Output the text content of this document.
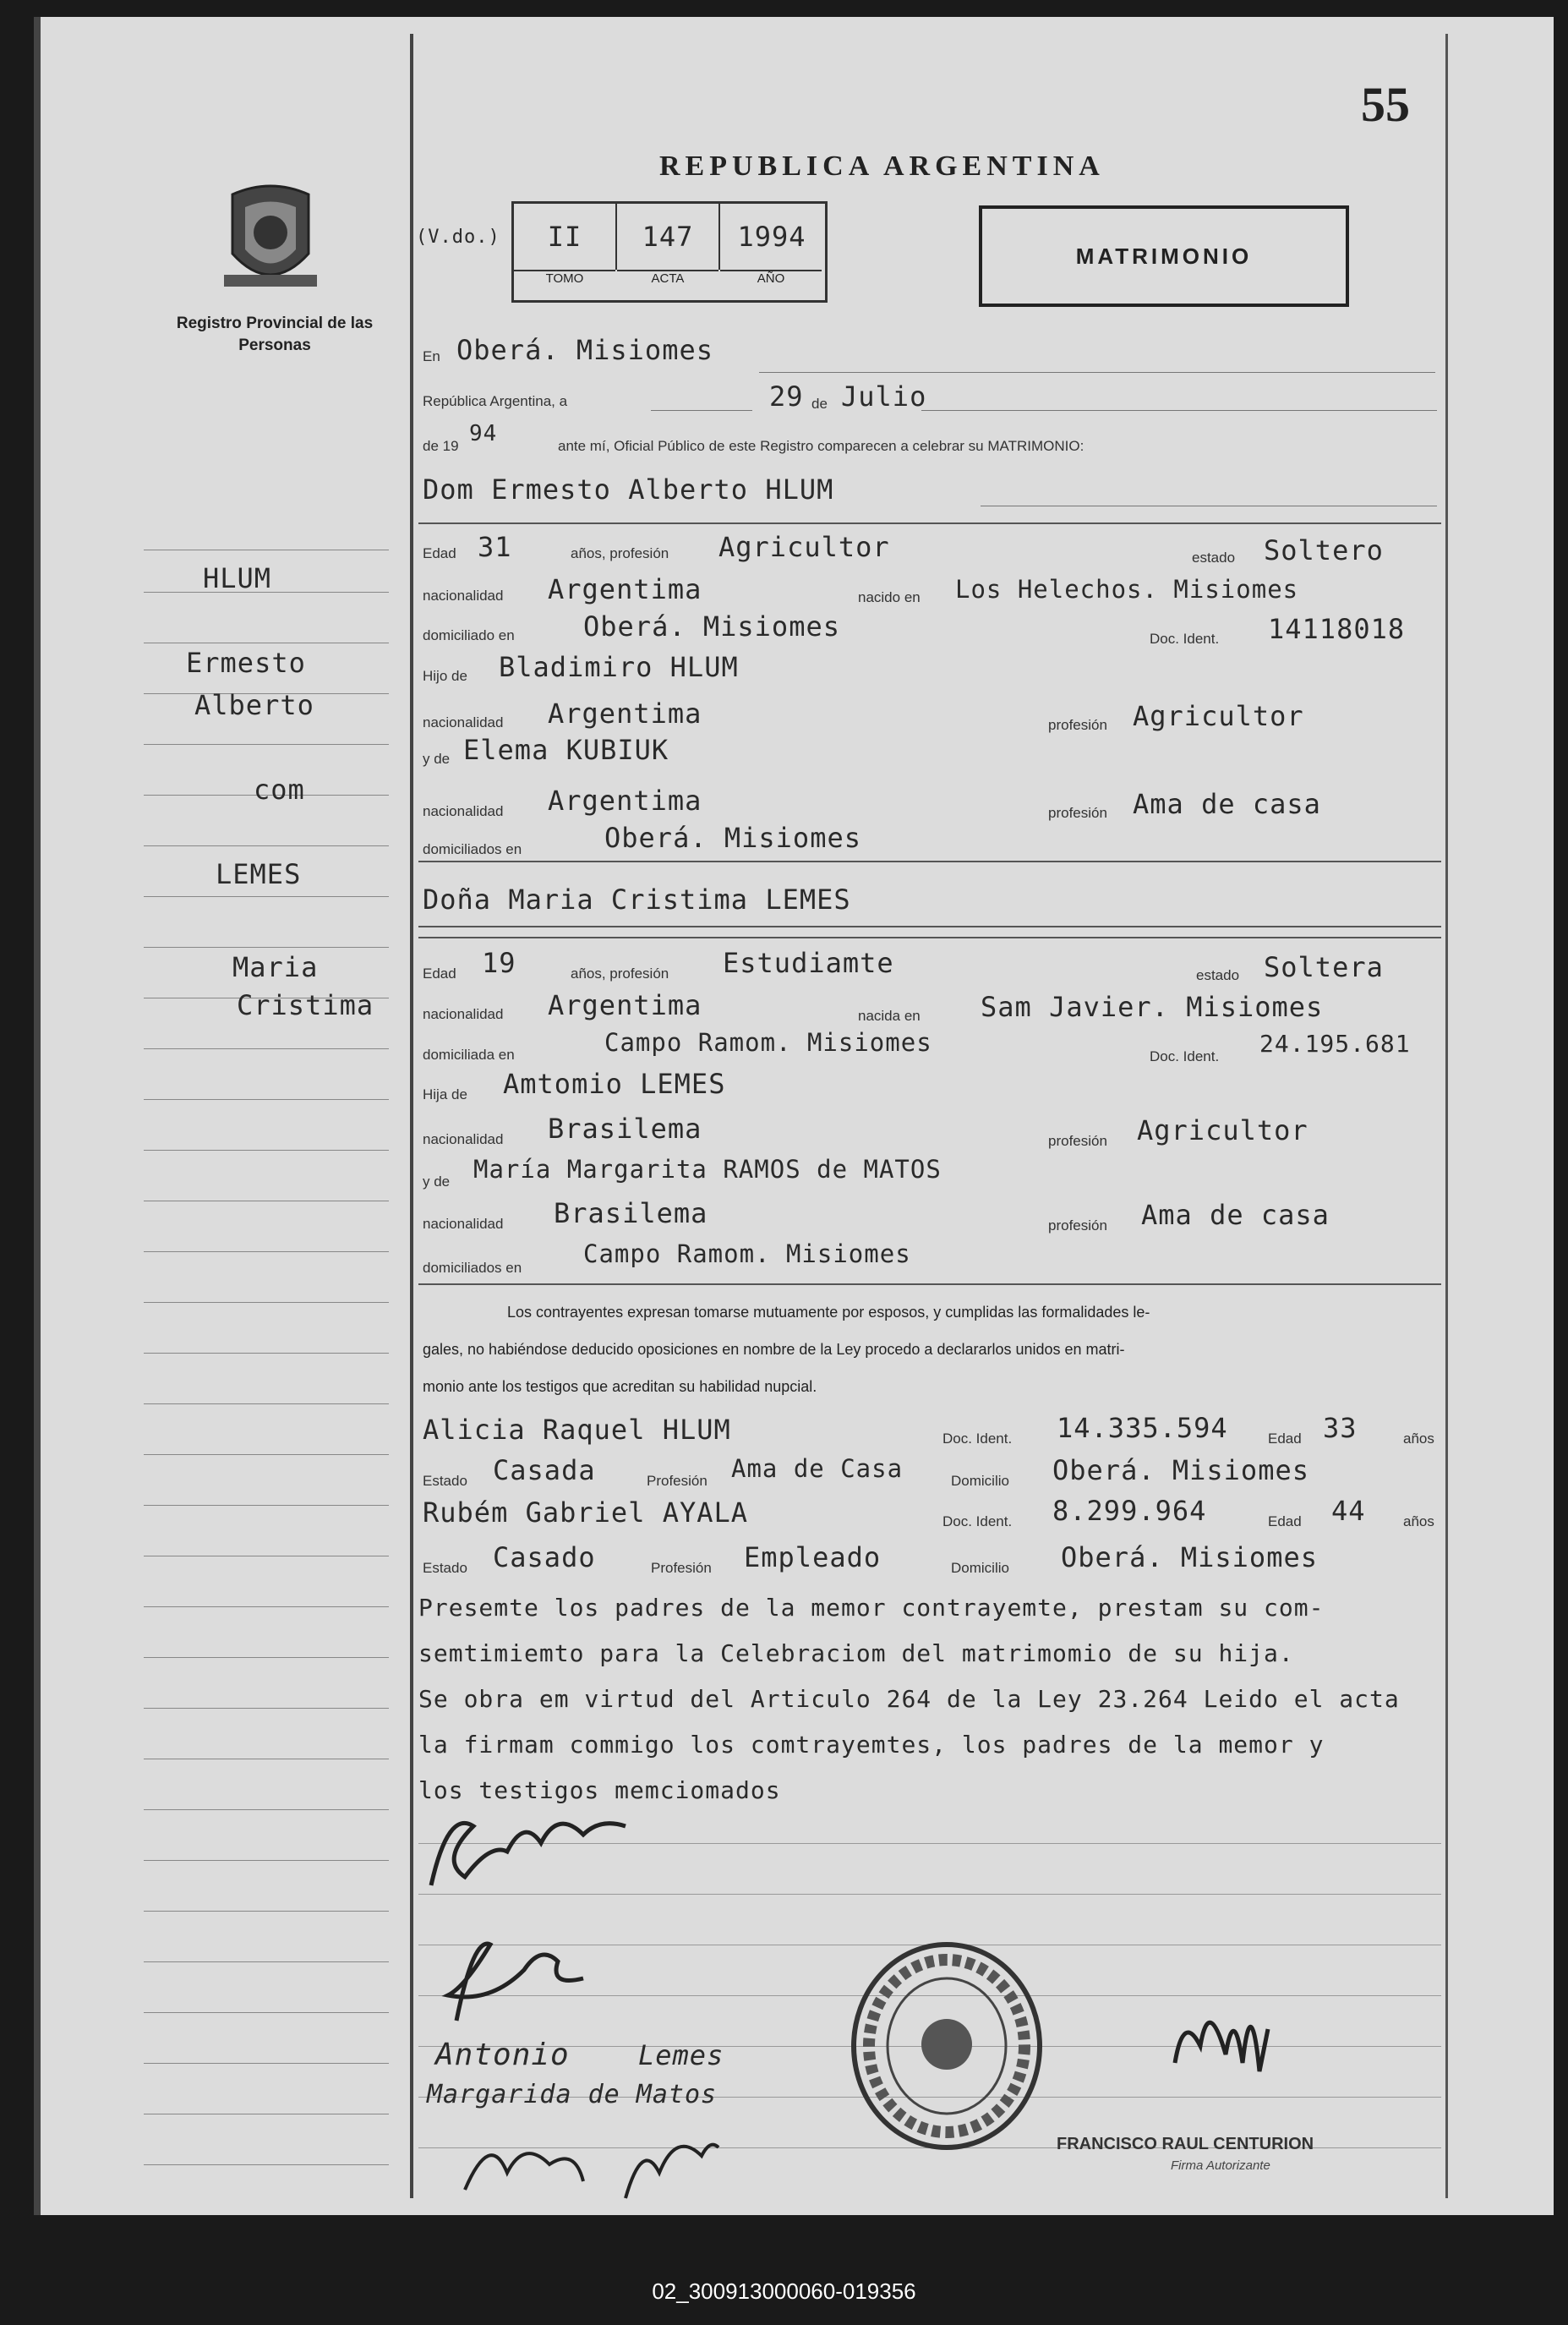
Registro Provincial de las Personas
55
REPUBLICA ARGENTINA
(V.do.)	II	147	1994
TOMO	ACTA	AÑO
MATRIMONIO
HLUM
Ermesto
Alberto
com
LEMES
Maria
Cristima
En Oberá. Misiomes
República Argentina, a	29 de Julio
de 19 94	ante mí, Oficial Público de este Registro comparecen a celebrar su MATRIMONIO:
Dom Ermesto Alberto HLUM
Edad 31	años, profesión Agricultor	estado Soltero
nacionalidad Argentima	nacido en Los Helechos. Misiomes
domiciliado en	Oberá. Misiomes	Doc. Ident. 14118018
Hijo de Bladimiro HLUM
nacionalidad Argentima	profesión Agricultor
y de Elema KUBIUK
nacionalidad Argentima	profesión Ama de casa
domiciliados en	Oberá. Misiomes
Doña Maria Cristima LEMES
Edad 19	años, profesión Estudiamte	estado Soltera
nacionalidad Argentima	nacida en Sam Javier. Misiomes
domiciliada en	Campo Ramom. Misiomes	Doc. Ident. 24.195.681
Hija de Amtomio LEMES
nacionalidad Brasilema	profesión Agricultor
y de María Margarita RAMOS de MATOS
nacionalidad Brasilema	profesión Ama de casa
domiciliados en	Campo Ramom. Misiomes
Los contrayentes expresan tomarse mutuamente por esposos, y cumplidas las formalidades le-
gales, no habiéndose deducido oposiciones en nombre de la Ley procedo a declararlos unidos en matri-
monio ante los testigos que acreditan su habilidad nupcial.
Alicia Raquel HLUM	Doc. Ident. 14.335.594	Edad 33	años
Estado Casada	Profesión Ama de Casa	Domicilio Oberá. Misiomes
Rubém Gabriel AYALA	Doc. Ident. 8.299.964	Edad 44	años
Estado Casado	Profesión Empleado	Domicilio Oberá. Misiomes
Presemte los padres de la memor contrayemte, prestam su com-
semtimiemto para la Celebraciom del matrimomio de su hija.
Se obra em virtud del Articulo 264 de la Ley 23.264 Leido el acta
la firmam commigo los comtrayemtes, los padres de la memor y
los testigos memciomados
Antonio
Margarida de Matos
Lemes
FRANCISCO RAUL CENTURION
Firma Autorizante
02_300913000060-019356
